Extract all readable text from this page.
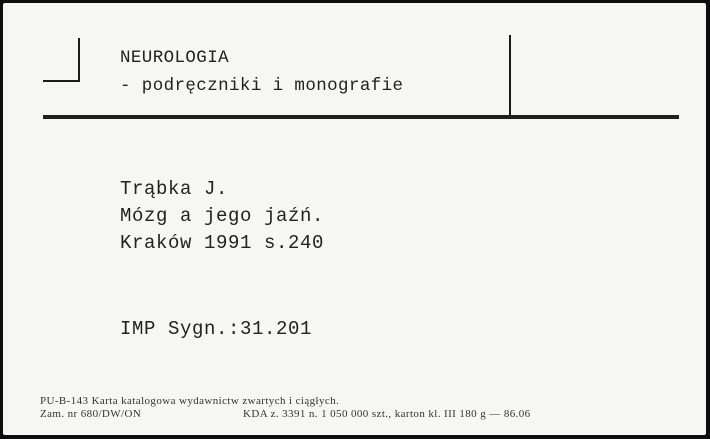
NEUROLOGIA
- podręczniki i monografie
Trąbka J.
Mózg a jego jaźń.
Kraków 1991 s.240
IMP Sygn.:31.201
PU-B-143 Karta katalogowa wydawnictw zwartych i ciągłych.
Zam. nr 680/DW/ON	KDA z. 3391 n. 1 050 000 szt., karton kl. III 180 g — 86.06
